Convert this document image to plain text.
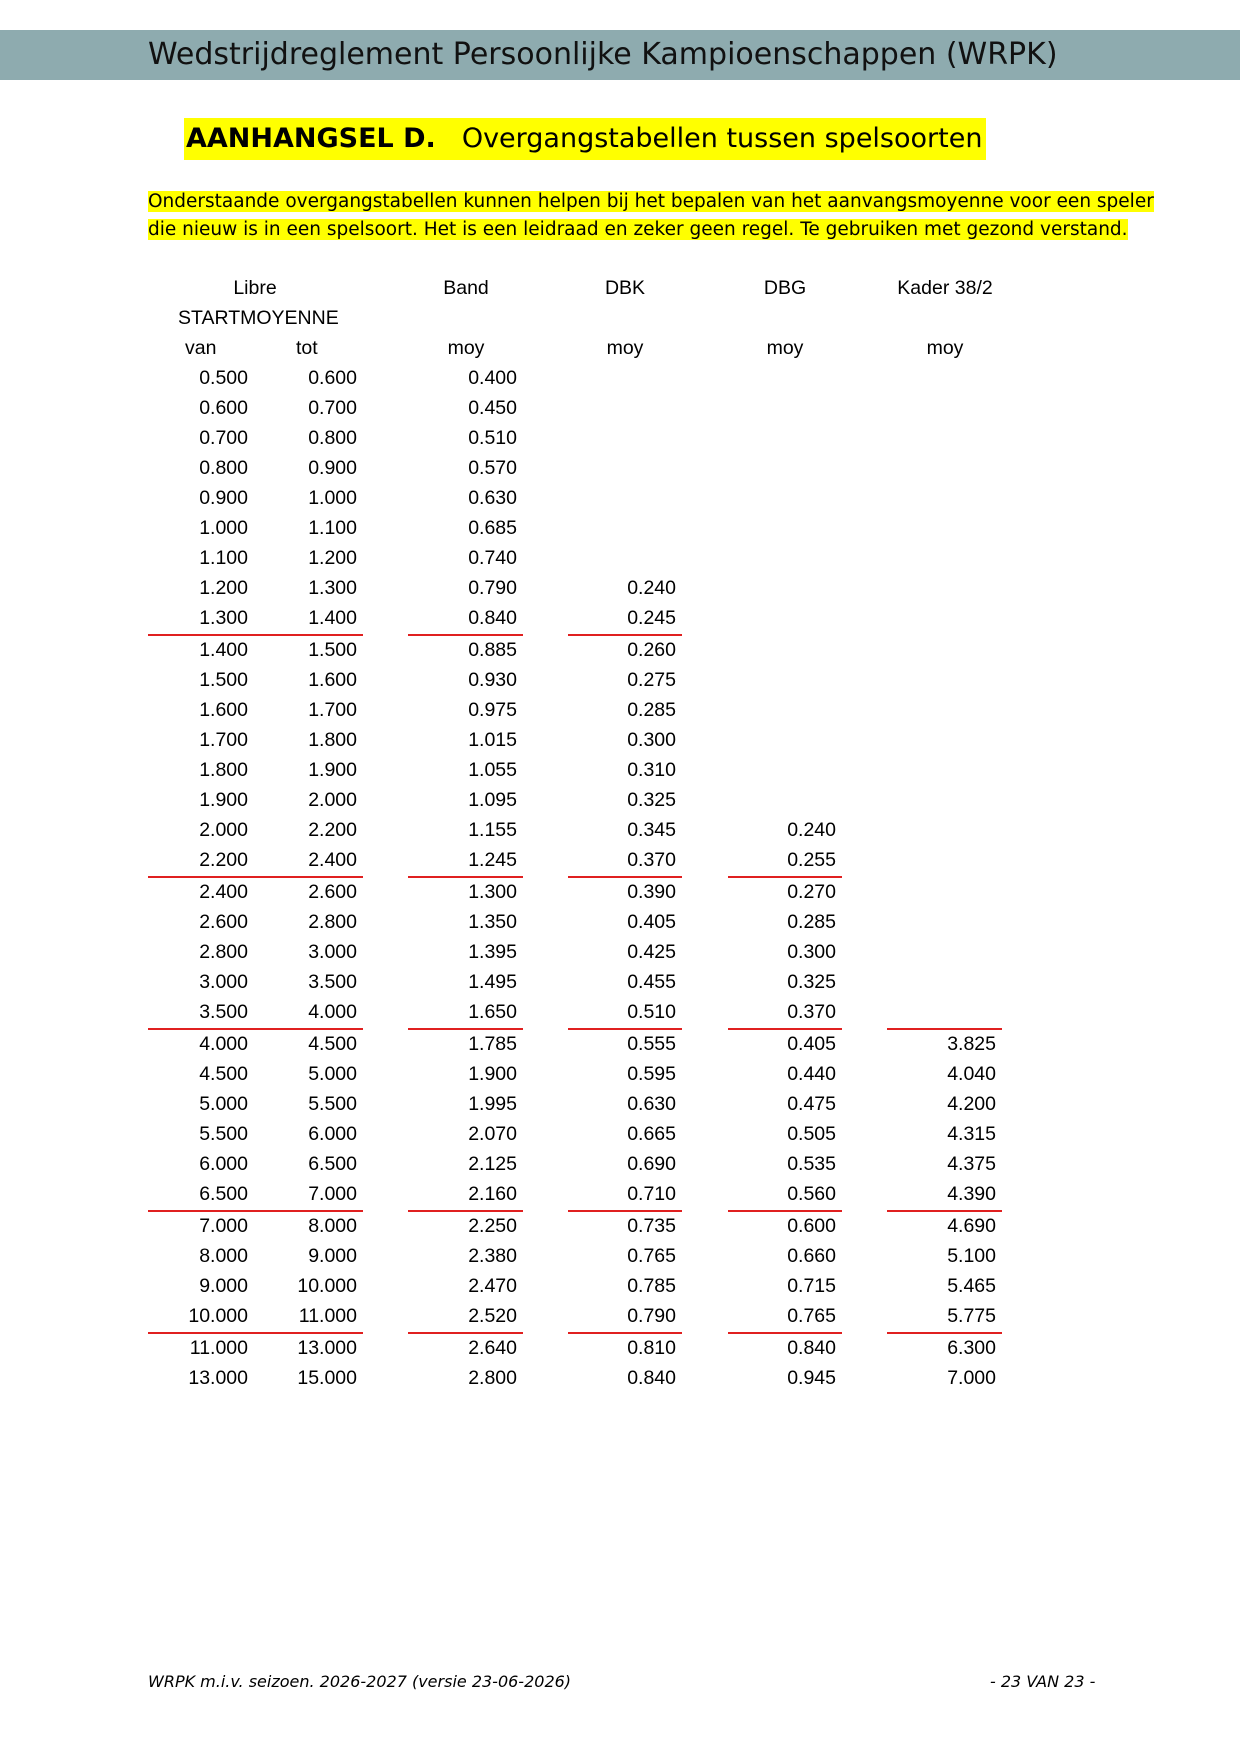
Wedstrijdreglement Persoonlijke Kampioenschappen (WRPK)
AANHANGSEL D. Overgangstabellen tussen spelsoorten
Onderstaande overgangstabellen kunnen helpen bij het bepalen van het aanvangsmoyenne voor een speler
die nieuw is in een spelsoort. Het is een leidraad en zeker geen regel. Te gebruiken met gezond verstand.
Libre	Band	DBK	DBG	Kader 38/2
STARTMOYENNE
van	tot	moy	moy	moy	moy
0.500	0.600	0.400
0.600	0.700	0.450
0.700	0.800	0.510
0.800	0.900	0.570
0.900	1.000	0.630
1.000	1.100	0.685
1.100	1.200	0.740
1.200	1.300	0.790	0.240
1.300	1.400	0.840	0.245
1.400	1.500	0.885	0.260
1.500	1.600	0.930	0.275
1.600	1.700	0.975	0.285
1.700	1.800	1.015	0.300
1.800	1.900	1.055	0.310
1.900	2.000	1.095	0.325
2.000	2.200	1.155	0.345	0.240
2.200	2.400	1.245	0.370	0.255
2.400	2.600	1.300	0.390	0.270
2.600	2.800	1.350	0.405	0.285
2.800	3.000	1.395	0.425	0.300
3.000	3.500	1.495	0.455	0.325
3.500	4.000	1.650	0.510	0.370
4.000	4.500	1.785	0.555	0.405	3.825
4.500	5.000	1.900	0.595	0.440	4.040
5.000	5.500	1.995	0.630	0.475	4.200
5.500	6.000	2.070	0.665	0.505	4.315
6.000	6.500	2.125	0.690	0.535	4.375
6.500	7.000	2.160	0.710	0.560	4.390
7.000	8.000	2.250	0.735	0.600	4.690
8.000	9.000	2.380	0.765	0.660	5.100
9.000	10.000	2.470	0.785	0.715	5.465
10.000	11.000	2.520	0.790	0.765	5.775
11.000	13.000	2.640	0.810	0.840	6.300
13.000	15.000	2.800	0.840	0.945	7.000
WRPK m.i.v. seizoen. 2026-2027 (versie 23-06-2026)	- 23 VAN 23 -
